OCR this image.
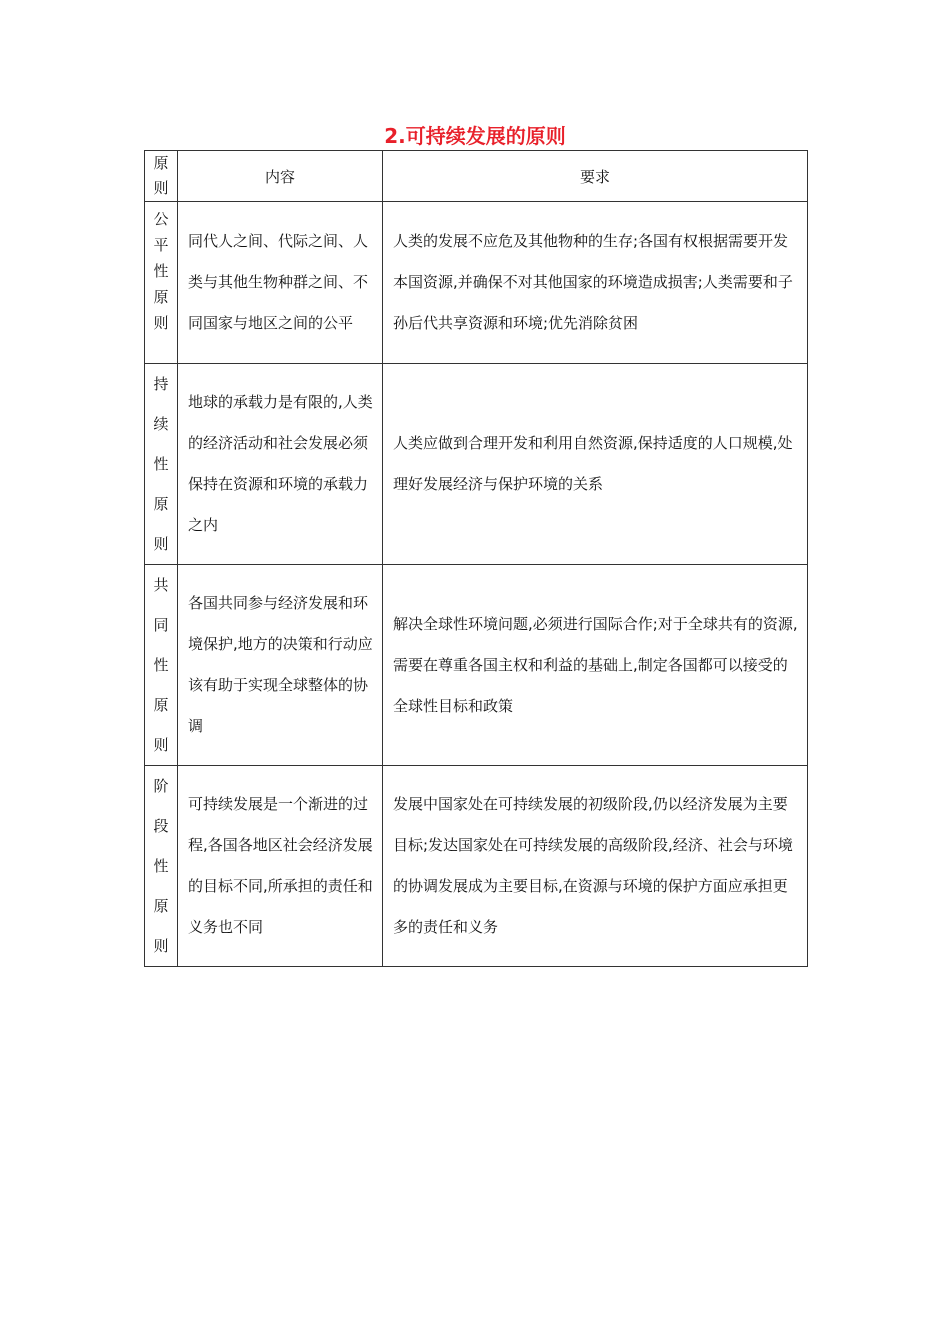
2.可持续发展的原则
原则	内容	要求

公平性原则	同代人之间、代际之间、人类与其他生物种群之间、不同国家与地区之间的公平	人类的发展不应危及其他物种的生存;各国有权根据需要开发本国资源,并确保不对其他国家的环境造成损害;人类需要和子孙后代共享资源和环境;优先消除贫困

持续性原则	地球的承载力是有限的,人类的经济活动和社会发展必须保持在资源和环境的承载力之内	人类应做到合理开发和利用自然资源,保持适度的人口规模,处理好发展经济与保护环境的关系

共同性原则	各国共同参与经济发展和环境保护,地方的决策和行动应该有助于实现全球整体的协调	解决全球性环境问题,必须进行国际合作;对于全球共有的资源,需要在尊重各国主权和利益的基础上,制定各国都可以接受的全球性目标和政策

阶段性原则	可持续发展是一个渐进的过程,各国各地区社会经济发展的目标不同,所承担的责任和义务也不同	发展中国家处在可持续发展的初级阶段,仍以经济发展为主要目标;发达国家处在可持续发展的高级阶段,经济、社会与环境的协调发展成为主要目标,在资源与环境的保护方面应承担更多的责任和义务
